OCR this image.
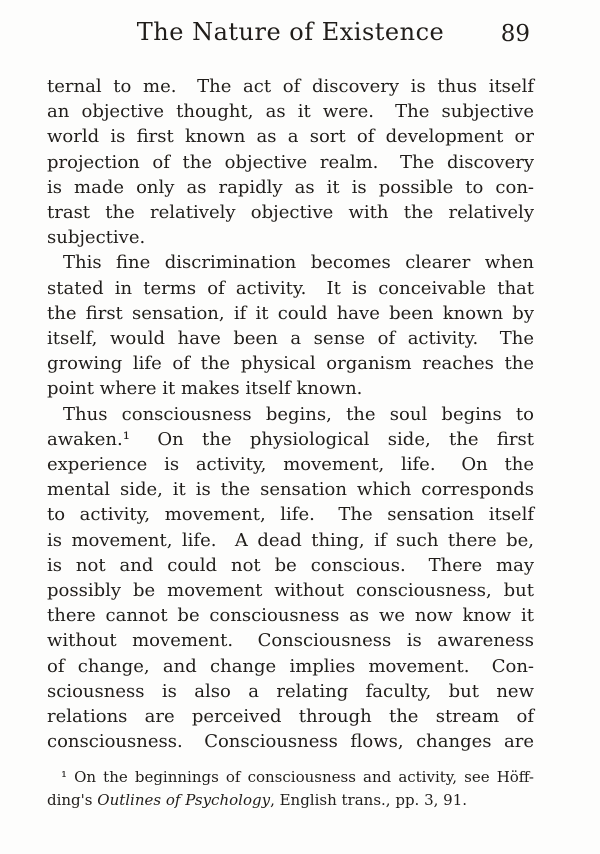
The Nature of Existence	89
ternal to me.  The act of discovery is thus itself
an objective thought, as it were.  The subjective
world is first known as a sort of development or
projection of the objective realm.  The discovery
is made only as rapidly as it is possible to con-
trast the relatively objective with the relatively
subjective.
This fine discrimination becomes clearer when
stated in terms of activity.  It is conceivable that
the first sensation, if it could have been known by
itself, would have been a sense of activity.  The
growing life of the physical organism reaches the
point where it makes itself known.
Thus consciousness begins, the soul begins to
awaken.¹  On the physiological side, the first
experience is activity, movement, life.  On the
mental side, it is the sensation which corresponds
to activity, movement, life.  The sensation itself
is movement, life.  A dead thing, if such there be,
is not and could not be conscious.  There may
possibly be movement without consciousness, but
there cannot be consciousness as we now know it
without movement.  Consciousness is awareness
of change, and change implies movement.  Con-
sciousness is also a relating faculty, but new
relations are perceived through the stream of
consciousness.  Consciousness flows, changes are
¹ On the beginnings of consciousness and activity, see Höff-
ding's Outlines of Psychology, English trans., pp. 3, 91.
